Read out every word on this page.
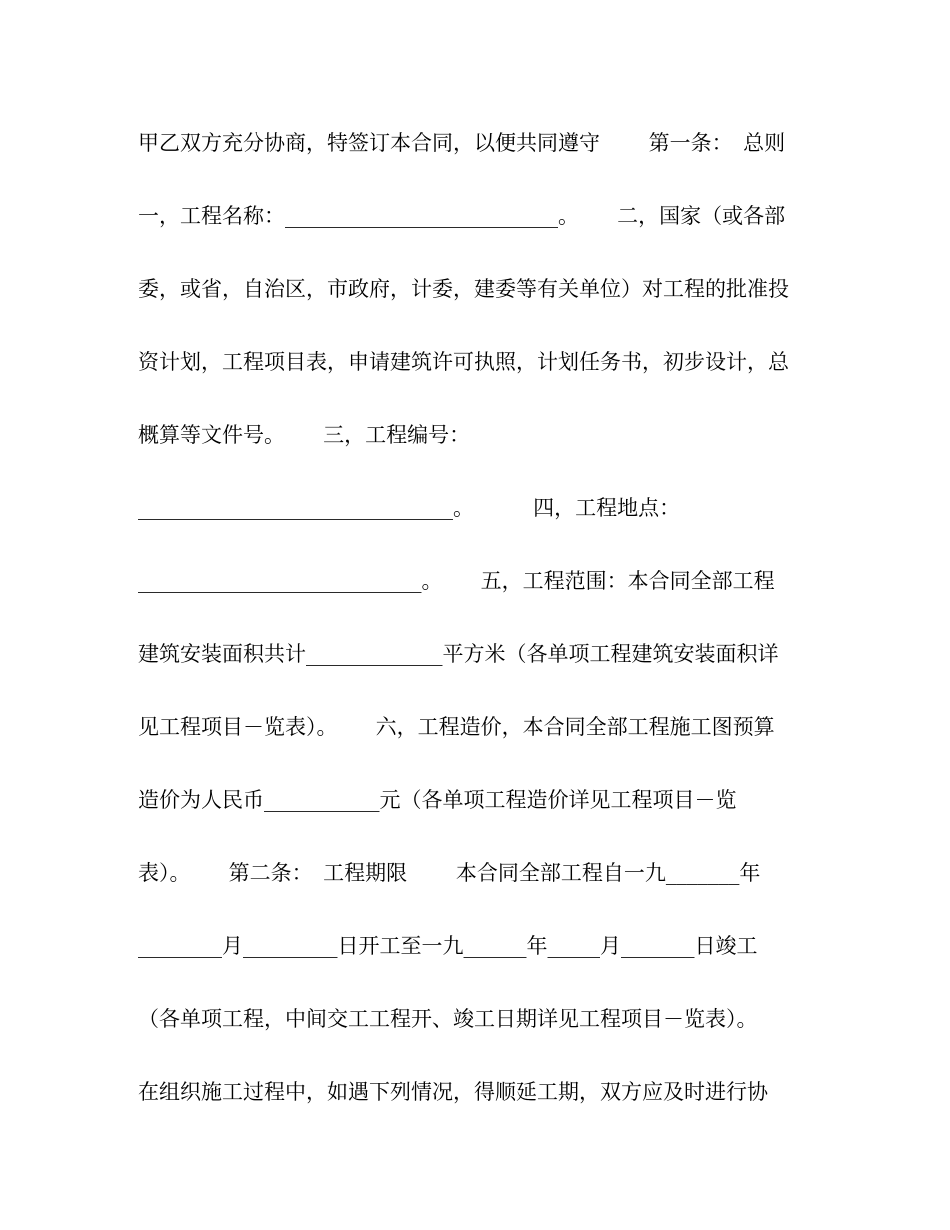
甲乙双方充分协商，特签订本合同，以便共同遵守　　 第一条：　总则
一，工程名称：__________________________。　　 二，国家（或各部
委，或省，自治区，市政府，计委，建委等有关单位）对工程的批准投
资计划，工程项目表，申请建筑许可执照，计划任务书，初步设计，总
概算等文件号。　　 三，工程编号：
______________________________。　　　 四，工程地点：
___________________________。　　 五，工程范围：本合同全部工程
建筑安装面积共计_____________平方米（各单项工程建筑安装面积详
见工程项目－览表）。　　 六，工程造价，本合同全部工程施工图预算
造价为人民币___________元（各单项工程造价详见工程项目－览
表）。　　 第二条：　工程期限　　 本合同全部工程自一九_______年
________月_________日开工至一九______年_____月_______日竣工
（各单项工程，中间交工工程开、竣工日期详见工程项目－览表）。
在组织施工过程中，如遇下列情况，得顺延工期，双方应及时进行协
